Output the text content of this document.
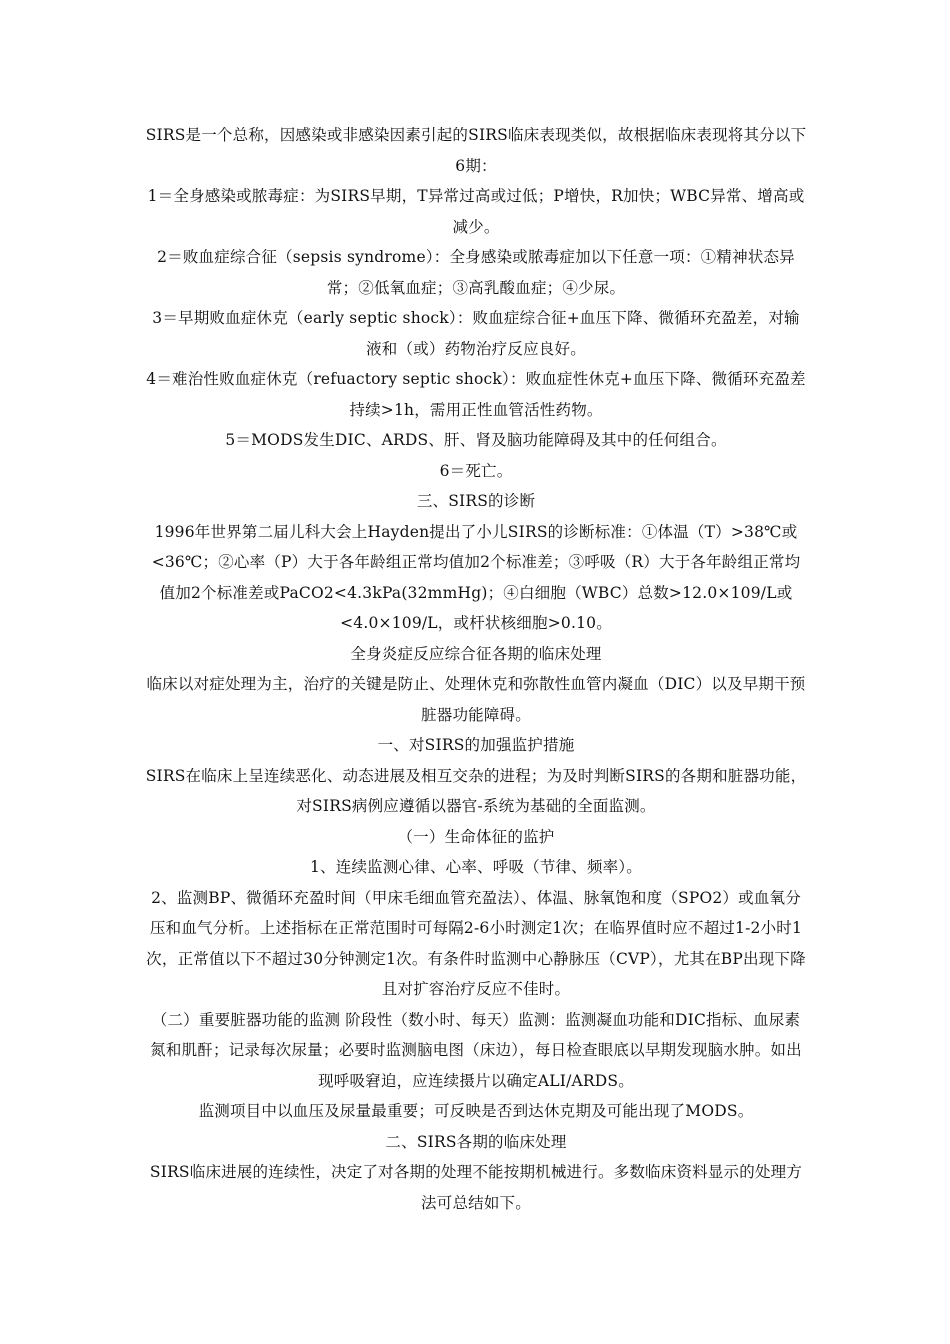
SIRS是一个总称，因感染或非感染因素引起的SIRS临床表现类似，故根据临床表现将其分以下6期：

1＝全身感染或脓毒症：为SIRS早期，T异常过高或过低；P增快，R加快；WBC异常、增高或减少。

2＝败血症综合征（sepsis syndrome）：全身感染或脓毒症加以下任意一项：①精神状态异常；②低氧血症；③高乳酸血症；④少尿。

3＝早期败血症休克（early septic shock）：败血症综合征+血压下降、微循环充盈差，对输液和（或）药物治疗反应良好。

4＝难治性败血症休克（refuactory septic shock）：败血症性休克+血压下降、微循环充盈差持续>1h，需用正性血管活性药物。

5＝MODS发生DIC、ARDS、肝、肾及脑功能障碍及其中的任何组合。

6＝死亡。

三、SIRS的诊断

1996年世界第二届儿科大会上Hayden提出了小儿SIRS的诊断标准：①体温（T）>38℃或<36℃；②心率（P）大于各年龄组正常均值加2个标准差；③呼吸（R）大于各年龄组正常均值加2个标准差或PaCO2<4.3kPa(32mmHg)；④白细胞（WBC）总数>12.0×109/L或<4.0×109/L，或杆状核细胞>0.10。

全身炎症反应综合征各期的临床处理

临床以对症处理为主，治疗的关键是防止、处理休克和弥散性血管内凝血（DIC）以及早期干预脏器功能障碍。

一、对SIRS的加强监护措施

SIRS在临床上呈连续恶化、动态进展及相互交杂的进程；为及时判断SIRS的各期和脏器功能，对SIRS病例应遵循以器官-系统为基础的全面监测。

（一）生命体征的监护

1、连续监测心律、心率、呼吸（节律、频率）。

2、监测BP、微循环充盈时间（甲床毛细血管充盈法）、体温、脉氧饱和度（SPO2）或血氧分压和血气分析。上述指标在正常范围时可每隔2-6小时测定1次；在临界值时应不超过1-2小时1次，正常值以下不超过30分钟测定1次。有条件时监测中心静脉压（CVP），尤其在BP出现下降且对扩容治疗反应不佳时。

（二）重要脏器功能的监测 阶段性（数小时、每天）监测：监测凝血功能和DIC指标、血尿素氮和肌酐；记录每次尿量；必要时监测脑电图（床边），每日检查眼底以早期发现脑水肿。如出现呼吸窘迫，应连续摄片以确定ALI/ARDS。

监测项目中以血压及尿量最重要；可反映是否到达休克期及可能出现了MODS。

二、SIRS各期的临床处理

SIRS临床进展的连续性，决定了对各期的处理不能按期机械进行。多数临床资料显示的处理方法可总结如下。
